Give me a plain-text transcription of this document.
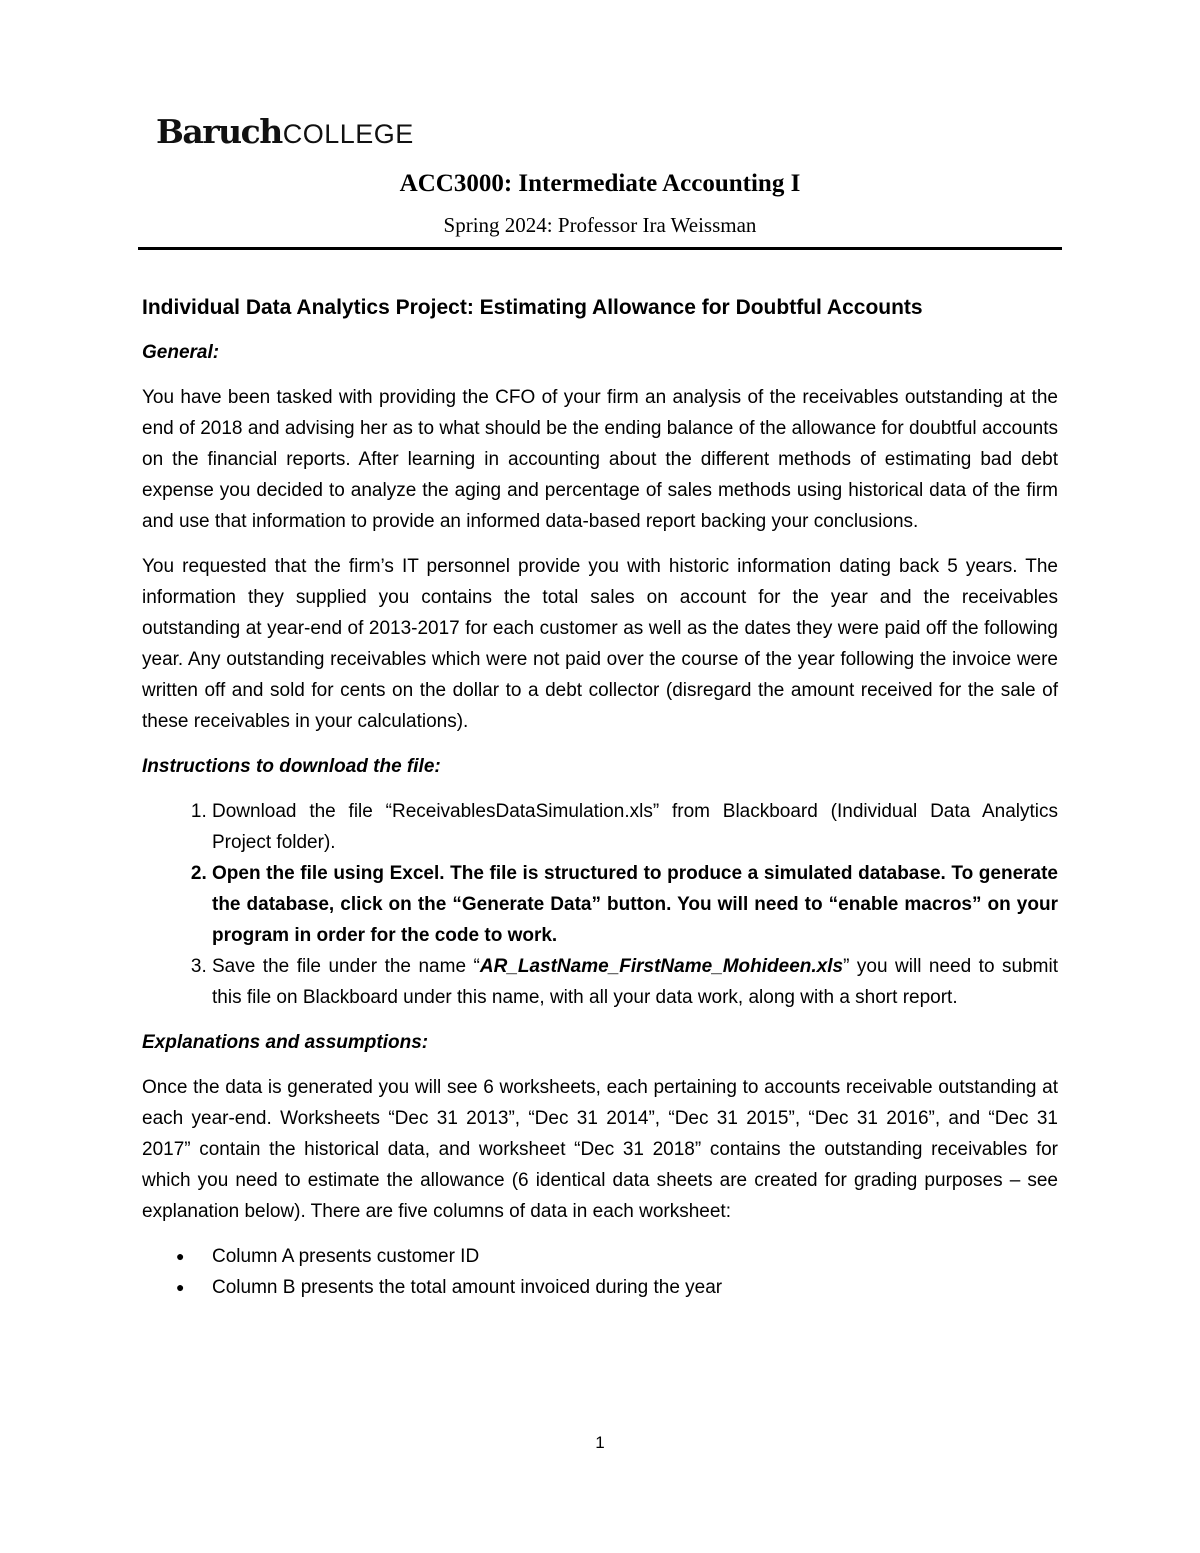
Baruch COLLEGE
ACC3000: Intermediate Accounting I
Spring 2024: Professor Ira Weissman
Individual Data Analytics Project: Estimating Allowance for Doubtful Accounts
General:

You have been tasked with providing the CFO of your firm an analysis of the receivables outstanding at the end of 2018 and advising her as to what should be the ending balance of the allowance for doubtful accounts on the financial reports. After learning in accounting about the different methods of estimating bad debt expense you decided to analyze the aging and percentage of sales methods using historical data of the firm and use that information to provide an informed data-based report backing your conclusions.

You requested that the firm’s IT personnel provide you with historic information dating back 5 years. The information they supplied you contains the total sales on account for the year and the receivables outstanding at year-end of 2013-2017 for each customer as well as the dates they were paid off the following year. Any outstanding receivables which were not paid over the course of the year following the invoice were written off and sold for cents on the dollar to a debt collector (disregard the amount received for the sale of these receivables in your calculations).

Instructions to download the file:
1. Download the file “ReceivablesDataSimulation.xls” from Blackboard (Individual Data Analytics Project folder).
2. Open the file using Excel. The file is structured to produce a simulated database. To generate the database, click on the “Generate Data” button. You will need to “enable macros” on your program in order for the code to work.
3. Save the file under the name “AR_LastName_FirstName_Mohideen.xls” you will need to submit this file on Blackboard under this name, with all your data work, along with a short report.
Explanations and assumptions:

Once the data is generated you will see 6 worksheets, each pertaining to accounts receivable outstanding at each year-end. Worksheets “Dec 31 2013”, “Dec 31 2014”, “Dec 31 2015”, “Dec 31 2016”, and “Dec 31 2017” contain the historical data, and worksheet “Dec 31 2018” contains the outstanding receivables for which you need to estimate the allowance (6 identical data sheets are created for grading purposes – see explanation below). There are five columns of data in each worksheet:

● Column A presents customer ID
● Column B presents the total amount invoiced during the year
1
